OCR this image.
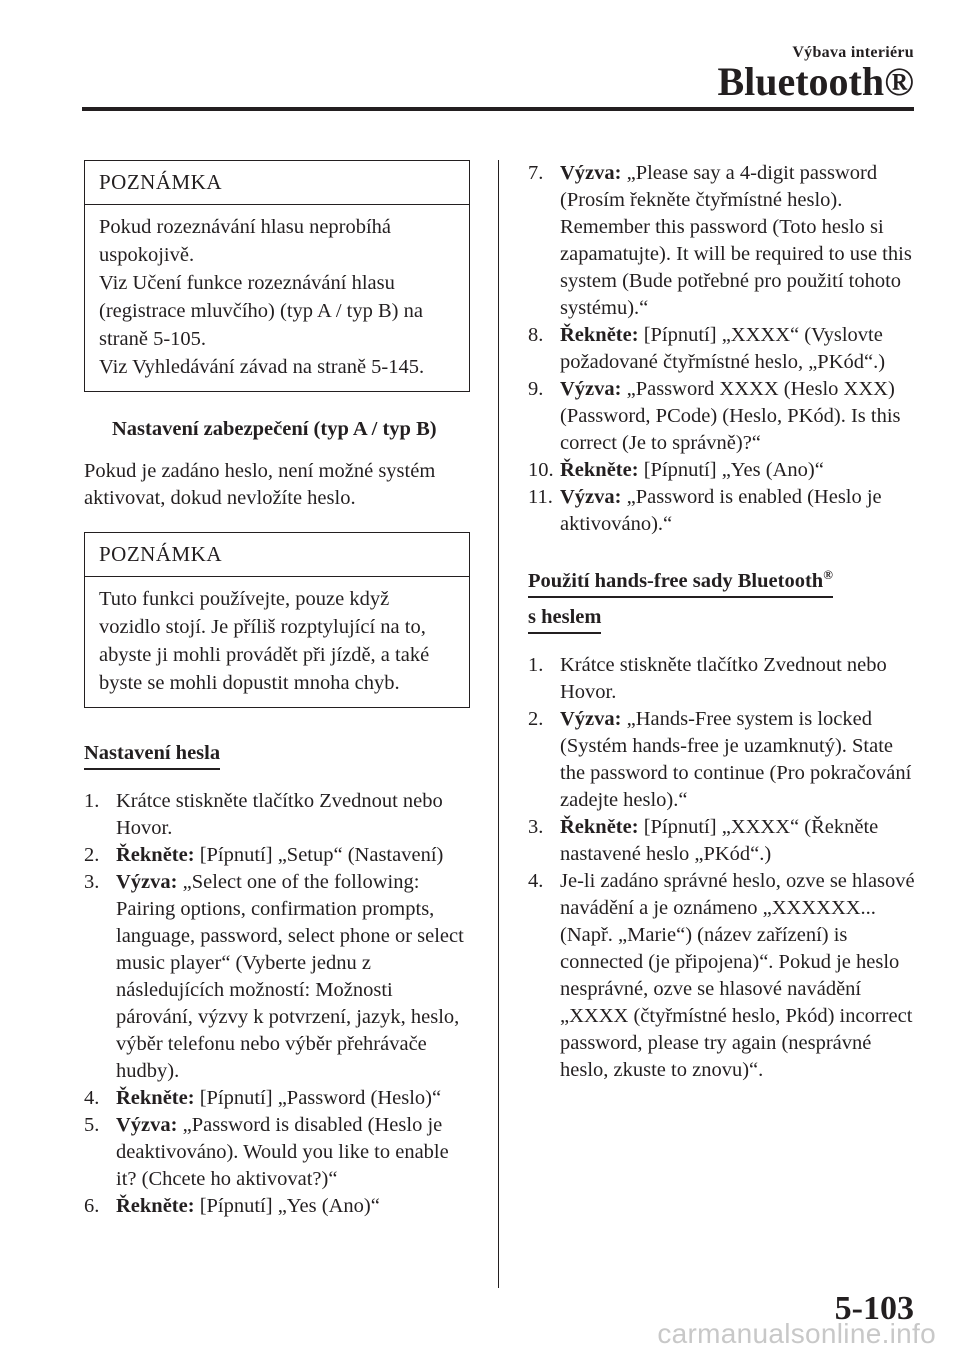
Výbava interiéru
Bluetooth®
POZNÁMKA

Pokud rozeznávání hlasu neprobíhá uspokojivě.

Viz Učení funkce rozeznávání hlasu (registrace mluvčího) (typ A / typ B) na straně 5-105.

Viz Vyhledávání závad na straně 5-145.

Nastavení zabezpečení (typ A / typ B)

Pokud je zadáno heslo, není možné systém aktivovat, dokud nevložíte heslo.

POZNÁMKA

Tuto funkci používejte, pouze když vozidlo stojí. Je příliš rozptylující na to, abyste ji mohli provádět při jízdě, a také byste se mohli dopustit mnoha chyb.

Nastavení hesla
1. Krátce stiskněte tlačítko Zvednout nebo Hovor.
2. Řekněte: [Pípnutí] „Setup“ (Nastavení)
3. Výzva: „Select one of the following: Pairing options, confirmation prompts, language, password, select phone or select music player“ (Vyberte jednu z následujících možností: Možnosti párování, výzvy k potvrzení, jazyk, heslo, výběr telefonu nebo výběr přehrávače hudby).
4. Řekněte: [Pípnutí] „Password (Heslo)“
5. Výzva: „Password is disabled (Heslo je deaktivováno). Would you like to enable it? (Chcete ho aktivovat?)“
6. Řekněte: [Pípnutí] „Yes (Ano)“
7. Výzva: „Please say a 4-digit password (Prosím řekněte čtyřmístné heslo). Remember this password (Toto heslo si zapamatujte). It will be required to use this system (Bude potřebné pro použití tohoto systému).“
8. Řekněte: [Pípnutí] „XXXX“ (Vyslovte požadované čtyřmístné heslo, „PKód“.)
9. Výzva: „Password XXXX (Heslo XXX) (Password, PCode) (Heslo, PKód). Is this correct (Je to správně)?“
10. Řekněte: [Pípnutí] „Yes (Ano)“
11. Výzva: „Password is enabled (Heslo je aktivováno).“
Použití hands-free sady Bluetooth®
s heslem
1. Krátce stiskněte tlačítko Zvednout nebo Hovor.
2. Výzva: „Hands-Free system is locked (Systém hands-free je uzamknutý). State the password to continue (Pro pokračování zadejte heslo).“
3. Řekněte: [Pípnutí] „XXXX“ (Řekněte nastavené heslo „PKód“.)
4. Je-li zadáno správné heslo, ozve se hlasové navádění a je oznámeno „XXXXXX... (Např. „Marie“) (název zařízení) is connected (je připojena)“. Pokud je heslo nesprávné, ozve se hlasové navádění „XXXX (čtyřmístné heslo, Pkód) incorrect password, please try again (nesprávné heslo, zkuste to znovu)“.
5-103
carmanualsonline.info
